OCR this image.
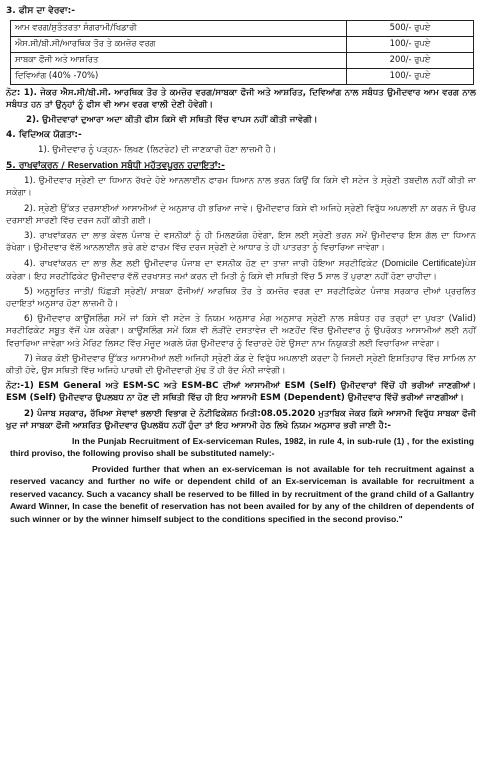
3. ਫੀਸ ਦਾ ਵੇਰਵਾ:-
ਆਮ ਵਰਗ/ਸੁਤੰਤਰਤਾ ਸੰਗਰਾਮੀ/ਖਿਡਾਰੀ	500/- ਰੁਪਏ
ਐਸ.ਸੀ/ਬੀ.ਸੀ/ਆਰਥਿਕ ਤੌਰ ਤੇ ਕਮਜ਼ੋਰ ਵਰਗ	100/- ਰੁਪਏ
ਸਾਬਕਾ ਫੌਜੀ ਅਤੇ ਆਸ਼ਰਿਤ	200/- ਰੁਪਏ
ਦਿਵਿਆਂਗ (40% -70%)	100/- ਰੁਪਏ

ਨੋਟ: 1). ਜੇਕਰ ਐਸ.ਸੀ/ਬੀ.ਸੀ. ਆਰਥਿਕ ਤੌਰ ਤੇ ਕਮਜ਼ੋਰ ਵਰਗ/ਸਾਬਕਾ ਫੌਜੀ ਅਤੇ ਆਸ਼ਰਿਤ, ਦਿਵਿਆਂਗ ਨਾਲ ਸਬੰਧਤ ਉਮੀਦਵਾਰ ਆਮ ਵਰਗ ਨਾਲ ਸਬੰਧਤ ਹਨ ਤਾਂ ਉਨ੍ਹਾਂ ਨੂੰ ਫੀਸ ਵੀ ਆਮ ਵਰਗ ਵਾਲੀ ਦੇਣੀ ਹੋਵੇਗੀ।

2). ਉਮੀਦਵਾਰਾਂ ਦੁਆਰਾ ਅਦਾ ਕੀਤੀ ਫੀਸ ਕਿਸੇ ਵੀ ਸਥਿਤੀ ਵਿੱਚ ਵਾਪਸ ਨਹੀਂ ਕੀਤੀ ਜਾਵੇਗੀ।

4. ਵਿਦਿਅਕ ਯੋਗਤਾ:-

1). ਉਮੀਦਵਾਰ ਨੂੰ ਪੜ੍ਹਨ- ਲਿਖਣ (ਲਿਟਰੇਟ) ਦੀ ਜਾਣਕਾਰੀ ਹੋਣਾ ਲਾਜ਼ਮੀ ਹੈ।

5. ਰਾਖਵਾਂਕਰਨ / Reservation ਸਬੰਧੀ ਮਹੱਤਵਪੂਰਨ ਹਦਾਇਤਾਂ:-

1). ਉਮੀਦਵਾਰ ਸ੍ਰੇਣੀ ਦਾ ਧਿਆਨ ਰੱਖਦੇ ਹੋਏ ਆਨਲਾਈਨ ਫਾਰਮ ਧਿਆਨ ਨਾਲ ਭਰਨ ਕਿਉਂ ਕਿ ਕਿਸੇ ਵੀ ਸਟੇਜ ਤੇ ਸ੍ਰੇਣੀ ਤਬਦੀਲ ਨਹੀਂ ਕੀਤੀ ਜਾ ਸਕੇਗਾ।

2). ਸ੍ਰੇਣੀ ਉੱਕਤ ਦਰਸਾਈਆਂ ਆਸਾਮੀਆਂ ਦੇ ਅਨੁਸਾਰ ਹੀ ਭਰਿਆ ਜਾਵੇ। ਉਮੀਦਵਾਰ ਕਿਸੇ ਵੀ ਅਜਿਹੇ ਸ੍ਰੇਣੀ ਵਿਰੁੱਧ ਅਪਲਾਈ ਨਾ ਕਰਨ ਜੋ ਉਪਰ ਦਰਸਾਈ ਸਾਰਣੀ ਵਿੱਚ ਦਰਜ ਨਹੀਂ ਕੀਤੀ ਗਈ।

3). ਰਾਖਵਾਂਕਰਨ ਦਾ ਲਾਭ ਕੇਵਲ ਪੰਜਾਬ ਦੇ ਵਸਨੀਕਾਂ ਨੂੰ ਹੀ ਮਿਲਣਯੋਗ ਹੋਵੇਗਾ, ਇਸ ਲਈ ਸ੍ਰੇਣੀ ਭਰਨ ਸਮੇਂ ਉਮੀਦਵਾਰ ਇਸ ਗੱਲ ਦਾ ਧਿਆਨ ਰੱਖੇਗਾ। ਉਮੀਦਵਾਰ ਵੱਲੋਂ ਆਨਲਾਈਨ ਭਰੇ ਗਏ ਫਾਰਮ ਵਿੱਚ ਦਰਜ ਸ੍ਰੇਣੀ ਦੇ ਆਧਾਰ ਤੇ ਹੀ ਪਾਤਰਤਾ ਨੂੰ ਵਿਚਾਰਿਆ ਜਾਵੇਗਾ।

4). ਰਾਖਵਾਂਕਰਨ ਦਾ ਲਾਭ ਲੈਣ ਲਈ ਉਮੀਦਵਾਰ ਪੰਜਾਬ ਦਾ ਵਸਨੀਕ ਹੋਣ ਦਾ ਤਾਜ਼ਾ ਜਾਰੀ ਹੋਇਆ ਸਰਟੀਫਿਕੇਟ (Domicile Certificate)ਪੇਸ਼ ਕਰੇਗਾ। ਇਹ ਸਰਟੀਫਿਕੇਟ ਉਮੀਦਵਾਰ ਵੱਲੋਂ ਦਰਖਾਸਤ ਜਮਾਂ ਕਰਨ ਦੀ ਮਿਤੀ ਨੂੰ ਕਿਸੇ ਵੀ ਸਥਿਤੀ ਵਿੱਚ 5 ਸਾਲ ਤੋਂ ਪੁਰਾਣਾ ਨਹੀਂ ਹੋਣਾ ਚਾਹੀਦਾ।

5) ਅਨੁਸੂਚਿਤ ਜਾਤੀ/ ਪਿੱਛੜੀ ਸ੍ਰੇਣੀ/ ਸਾਬਕਾ ਫੌਜੀਆਂ/ ਆਰਥਿਕ ਤੌਰ ਤੇ ਕਮਜ਼ੋਰ ਵਰਗ ਦਾ ਸਰਟੀਫਿਕੇਟ ਪੰਜਾਬ ਸਰਕਾਰ ਦੀਆਂ ਪ੍ਰਚਲਿਤ ਹਦਾਇਤਾਂ ਅਨੁਸਾਰ ਹੋਣਾ ਲਾਜ਼ਮੀ ਹੈ।

6) ਉਮੀਦਵਾਰ ਕਾਊਂਸਲਿੰਗ ਸਮੇਂ ਜਾਂ ਕਿਸੇ ਵੀ ਸਟੇਜ ਤੇ ਨਿਯਮ ਅਨੁਸਾਰ ਮੰਗ ਅਨੁਸਾਰ ਸ੍ਰੇਣੀ ਨਾਲ ਸਬੰਧਤ ਹਰ ਤਰ੍ਹਾਂ ਦਾ ਪੁਖਤਾ (Valid) ਸਰਟੀਫਿਕੇਟ ਸਬੂਤ ਵੱਜੋਂ ਪੇਸ਼ ਕਰੇਗਾ। ਕਾਊਂਸਲਿੰਗ ਸਮੇਂ ਕਿਸ਼ ਵੀ ਲੋੜੀਂਦੇ ਦਸਤਾਵੇਜ਼ ਦੀ ਅਣਹੋਂਦ ਵਿੱਚ ਉਮੀਦਵਾਰ ਨੂੰ ਉਪਰੋਕਤ ਆਸਾਮੀਆਂ ਲਈ ਨਹੀਂ ਵਿਚਾਰਿਆ ਜਾਵੇਗਾ ਅਤੇ ਮੈਰਿਟ ਲਿਸਟ ਵਿੱਚ ਮੌਜੂਦ ਅਗਲੇ ਯੋਗ ਉਮੀਦਵਾਰ ਨੂੰ ਵਿਚਾਰਦੇ ਹੋਏ ਉਸਦਾ ਨਾਮ ਨਿਯੁਕਤੀ ਲਈ ਵਿਚਾਰਿਆ ਜਾਵੇਗਾ।

7) ਜੇਕਰ ਕੋਈ ਉਮੀਦਵਾਰ ਉੱਕਤ ਆਸਾਮੀਆਂ ਲਈ ਅਜਿਹੀ ਸ੍ਰੇਣੀ ਕੋਡ ਦੇ ਵਿਰੁੱਧ ਅਪਲਾਈ ਕਰਦਾ ਹੈ ਜਿਸਦੀ ਸ੍ਰੇਣੀ ਇਸ਼ਤਿਹਾਰ ਵਿੱਚ ਸਾਮਿਲ ਨਾ ਕੀਤੀ ਹੋਵੇ, ਉਸ ਸਥਿਤੀ ਵਿੱਚ ਅਜਿਹੇ ਪਾਰਥੀ ਦੀ ਉਮੀਦਵਾਰੀ ਮੁੱਢ ਤੋਂ ਹੀ ਰੱਦ ਮੰਨੀ ਜਾਵੇਗੀ।

ਨੋਟ:-1) ESM General ਅਤੇ ESM-SC ਅਤੇ ESM-BC ਦੀਆਂ ਆਸਾਮੀਆਂ ESM (Self) ਉਮੀਦਵਾਰਾਂ ਵਿੱਚੋਂ ਹੀ ਭਰੀਆਂ ਜਾਣਗੀਆਂ। ESM (Self) ਉਮੀਦਵਾਰ ਉਪਲਬਧ ਨਾ ਹੋਣ ਦੀ ਸਥਿਤੀ ਵਿੱਚ ਹੀ ਇਹ ਆਸਾਮੀ ESM (Dependent) ਉਮੀਦਵਾਰ ਵਿੱਚੋਂ ਭਰੀਆਂ ਜਾਣਗੀਆਂ।

2) ਪੰਜਾਬ ਸਰਕਾਰ, ਰੱਖਿਆ ਸੇਵਾਵਾਂ ਭਲਾਈ ਵਿਭਾਗ ਦੇ ਨੋਟੀਫਿਕੇਸ਼ਨ ਮਿਤੀ:08.05.2020 ਮੁਤਾਬਿਕ ਜੇਕਰ ਕਿਸੇ ਆਸਾਮੀ ਵਿਰੁੱਧ ਸਾਬਕਾ ਫੌਜੀ ਖੁਦ ਜਾਂ ਸਾਬਕਾ ਫੌਜੀ ਆਸ਼ਰਿਤ ਉਮੀਦਵਾਰ ਉਪਲਬੱਧ ਨਹੀਂ ਹੁੰਦਾ ਤਾਂ ਇਹ ਆਸਾਮੀ ਹੇਠ ਲਿਖੇ ਨਿਯਮ ਅਨੁਸਾਰ ਭਰੀ ਜਾਈ ਹੈ:-

In the Punjab Recruitment of Ex-serviceman Rules, 1982, in rule 4, in sub-rule (1) , for the existing third proviso, the following proviso shall be substituted namely:-

Provided further that when an ex-serviceman is not available for teh recruitment against a reserved vacancy and further no wife or dependent child of an Ex-serviceman is available for recruitment a reserved vacancy. Such a vacancy shall be reserved to be filled in by recruitment of the grand child of a Gallantry Award Winner, In case the benefit of reservation has not been availed for by any of the children of dependents of such winner or by the winner himself subject to the conditions specified in the second proviso."
